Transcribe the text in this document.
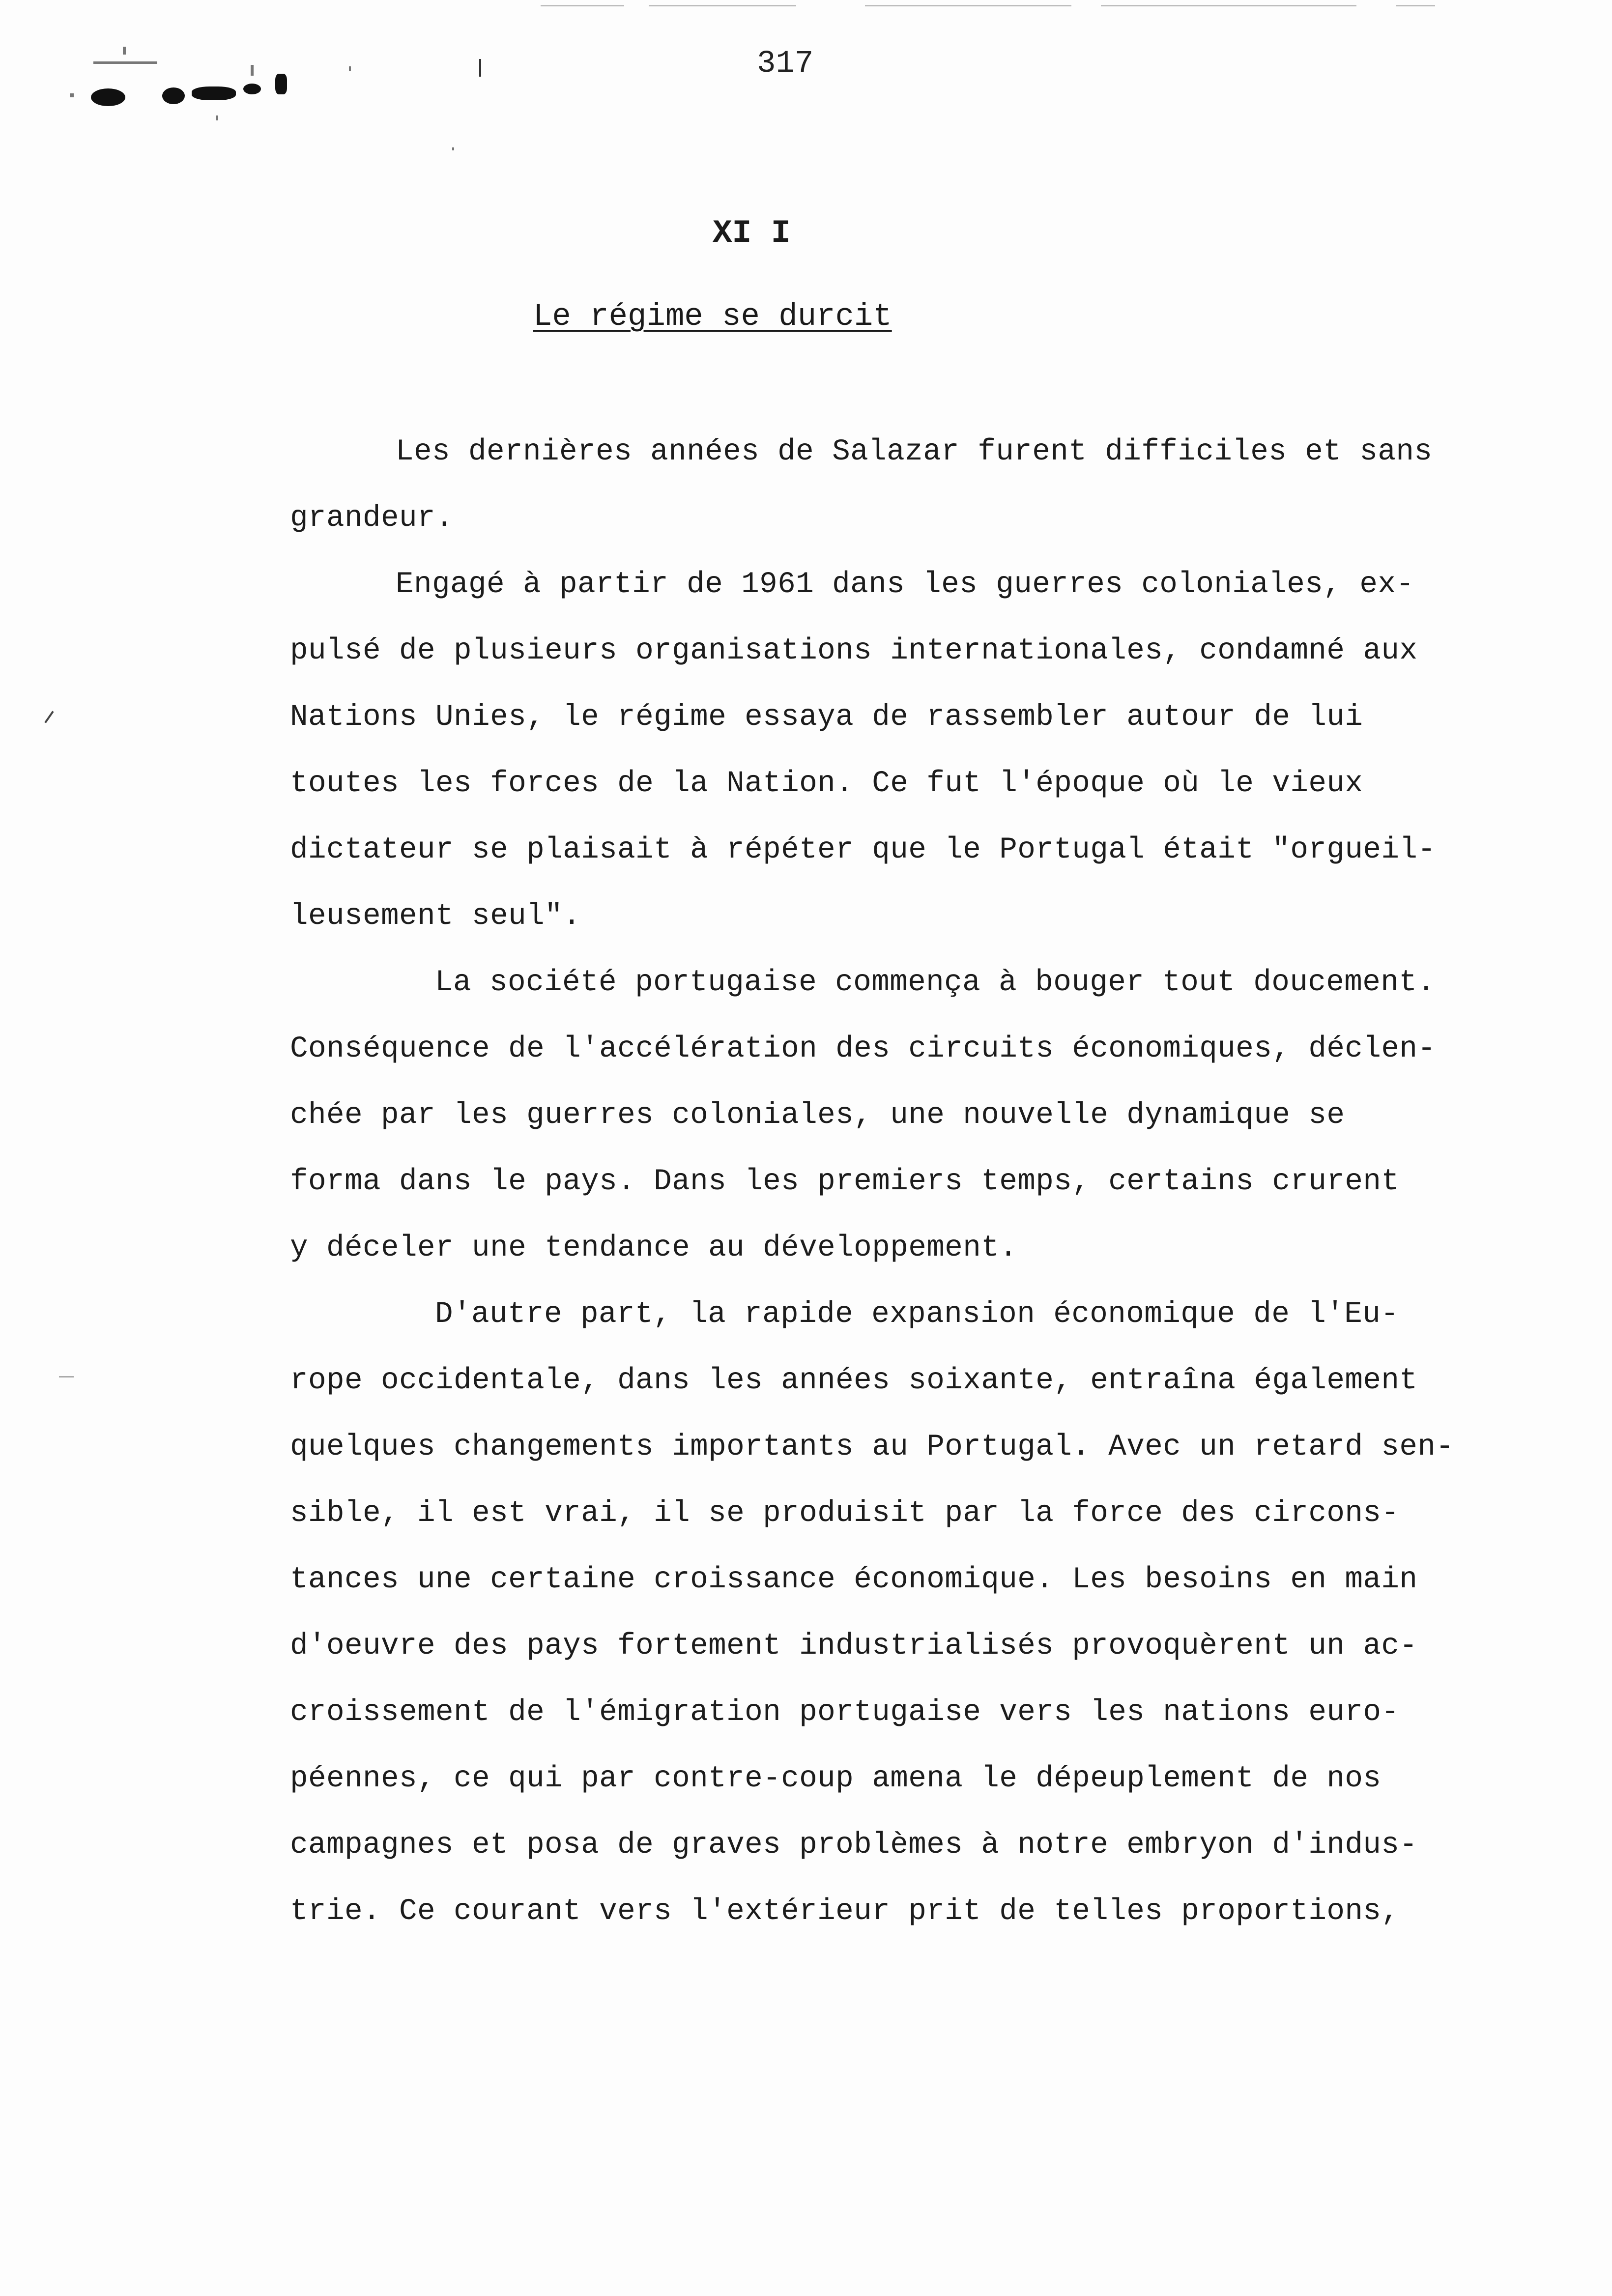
317
XI I
Le régime se durcit
Les dernières années de Salazar furent difficiles et sans
grandeur.
Engagé à partir de 1961 dans les guerres coloniales, ex-
pulsé de plusieurs organisations internationales, condamné aux
Nations Unies, le régime essaya de rassembler autour de lui
toutes les forces de la Nation. Ce fut l'époque où le vieux
dictateur se plaisait à répéter que le Portugal était "orgueil-
leusement seul".
La société portugaise commença à bouger tout doucement.
Conséquence de l'accélération des circuits économiques, déclen-
chée par les guerres coloniales, une nouvelle dynamique se
forma dans le pays. Dans les premiers temps, certains crurent
y déceler une tendance au développement.
D'autre part, la rapide expansion économique de l'Eu-
rope occidentale, dans les années soixante, entraîna également
quelques changements importants au Portugal. Avec un retard sen-
sible, il est vrai, il se produisit par la force des circons-
tances une certaine croissance économique. Les besoins en main
d'oeuvre des pays fortement industrialisés provoquèrent un ac-
croissement de l'émigration portugaise vers les nations euro-
péennes, ce qui par contre-coup amena le dépeuplement de nos
campagnes et posa de graves problèmes à notre embryon d'indus-
trie. Ce courant vers l'extérieur prit de telles proportions,
